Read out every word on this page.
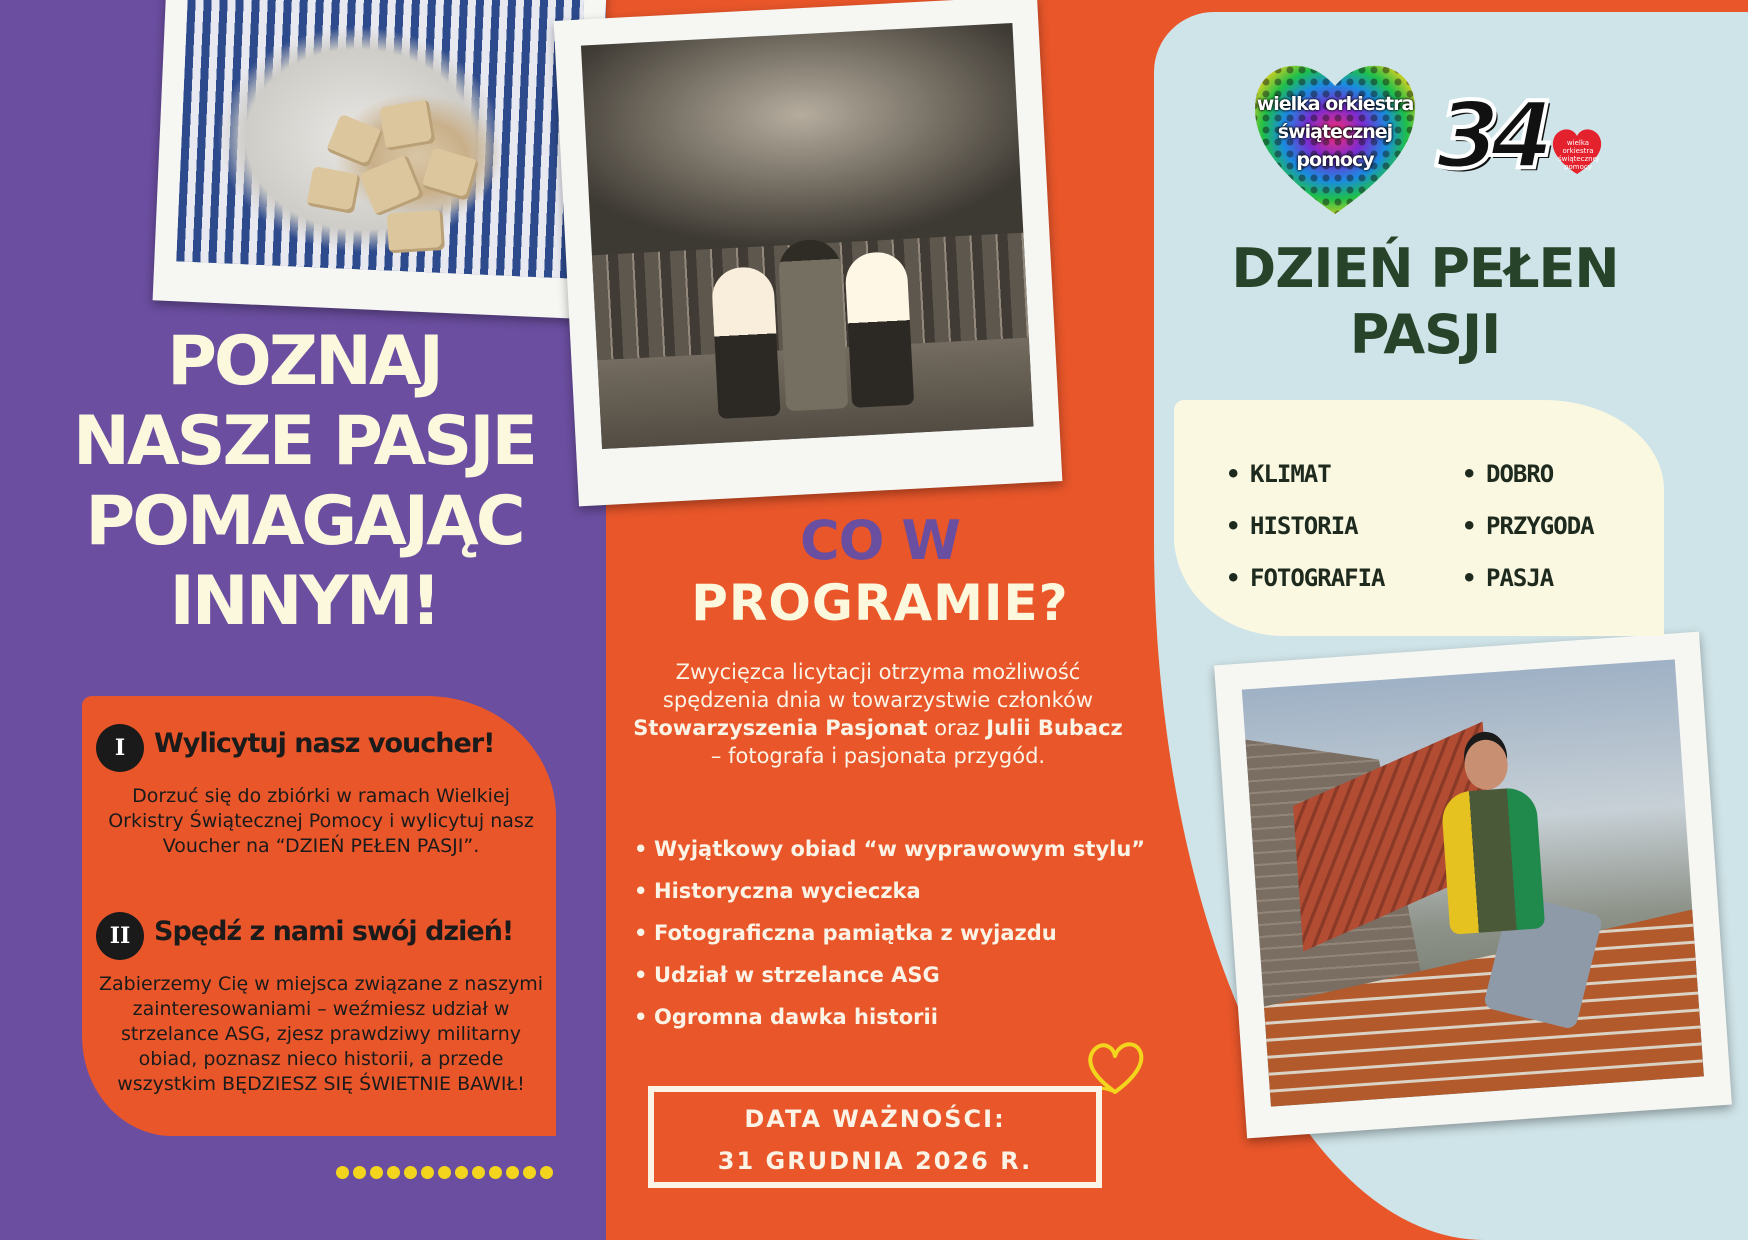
POZNAJ
NASZE PASJE
POMAGAJĄC
INNYM!
I	Wylicytuj nasz voucher!
Dorzuć się do zbiórki w ramach Wielkiej Orkistry Świątecznej Pomocy i wylicytuj nasz Voucher na “DZIEŃ PEŁEN PASJI”.
II Spędź z nami swój dzień!
Zabierzemy Cię w miejsca związane z naszymi zainteresowaniami – weźmiesz udział w strzelance ASG, zjesz prawdziwy militarny obiad, poznasz nieco historii, a przede wszystkim BĘDZIESZ SIĘ ŚWIETNIE BAWIŁ!
CO W
PROGRAMIE?
Zwycięzca licytacji otrzyma możliwość spędzenia dnia w towarzystwie członków Stowarzyszenia Pasjonat oraz Julii Bubacz – fotografa i pasjonata przygód.
• Wyjątkowy obiad “w wyprawowym stylu”
• Historyczna wycieczka
• Fotograficzna pamiątka z wyjazdu
• Udział w strzelance ASG
• Ogromna dawka historii
DATA WAŻNOŚCI:
31 GRUDNIA 2026 R.
wielka orkiestra
świątecznej
pomocy 34	wielka orkiestra świątecznej pomocy
DZIEŃ PEŁEN
PASJI
• KLIMAT
• HISTORIA
• FOTOGRAFIA
• DOBRO
• PRZYGODA
• PASJA
